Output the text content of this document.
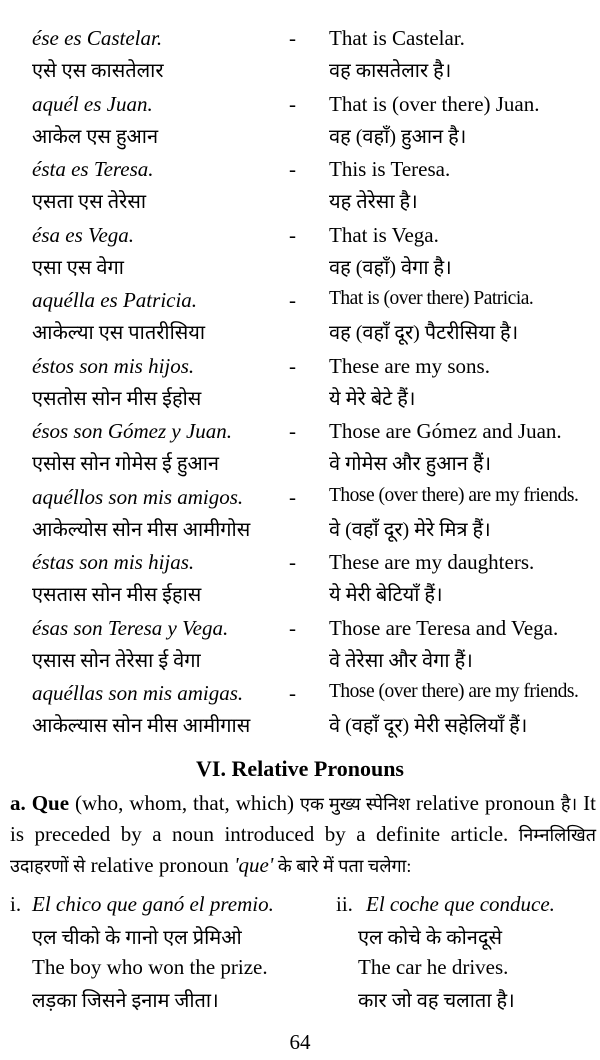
ése es Castelar.
एसे एस कासतेलार
- That is Castelar.
वह कासतेलार है।
aquél es Juan.
आकेल एस हुआन
- That is (over there) Juan.
वह (वहाँ) हुआन है।
ésta es Teresa.
एसता एस तेरेसा
- This is Teresa.
यह तेरेसा है।
ésa es Vega.
एसा एस वेगा
- That is Vega.
वह (वहाँ) वेगा है।
aquélla es Patricia.
आकेल्या एस पातरीसिया
- That is (over there) Patricia.
वह (वहाँ दूर) पैटरीसिया है।
éstos son mis hijos.
एसतोस सोन मीस ईहोस
- These are my sons.
ये मेरे बेटे हैं।
ésos son Gómez y Juan.
एसोस सोन गोमेस ई हुआन
- Those are Gómez and Juan.
वे गोमेस और हुआन हैं।
aquéllos son mis amigos.
आकेल्योस सोन मीस आमीगोस
- Those (over there) are my friends.
वे (वहाँ दूर) मेरे मित्र हैं।
éstas son mis hijas.
एसतास सोन मीस ईहास
- These are my daughters.
ये मेरी बेटियाँ हैं।
ésas son Teresa y Vega.
एसास सोन तेरेसा ई वेगा
- Those are Teresa and Vega.
वे तेरेसा और वेगा हैं।
aquéllas son mis amigas.
आकेल्यास सोन मीस आमीगास
- Those (over there) are my friends.
वे (वहाँ दूर) मेरी सहेलियाँ हैं।
VI. Relative Pronouns
a. Que (who, whom, that, which) एक मुख्य स्पेनिश relative pronoun है। It is preceded by a noun introduced by a definite article. निम्नलिखित उदाहरणों से relative pronoun 'que' के बारे में पता चलेगा:
i. El chico que ganó el premio.
एल चीको के गानो एल प्रेमिओ
The boy who won the prize.
लड़का जिसने इनाम जीता।
ii. El coche que conduce.
एल कोचे के कोनदूसे
The car he drives.
कार जो वह चलाता है।
64
